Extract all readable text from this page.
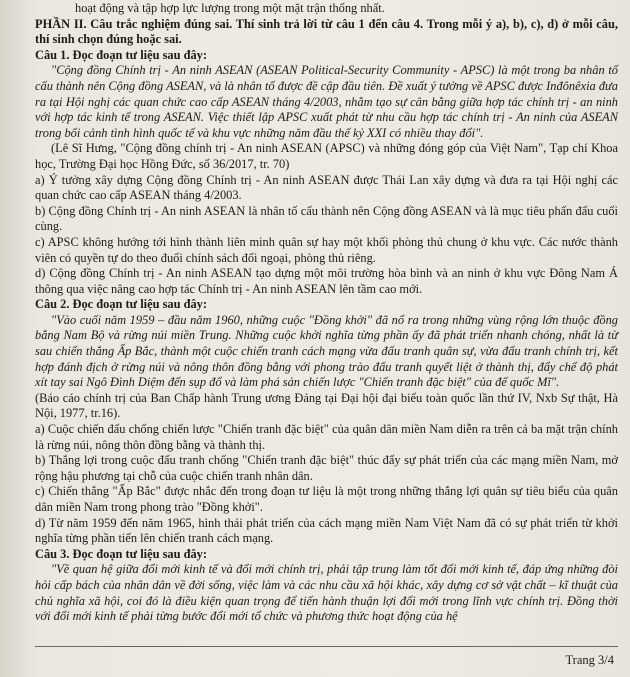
hoạt động và tập hợp lực lượng trong một mặt trận thống nhất.

PHẦN II. Câu trắc nghiệm đúng sai. Thí sinh trả lời từ câu 1 đến câu 4. Trong mỗi ý a), b), c), d) ở mỗi câu, thí sinh chọn đúng hoặc sai.

Câu 1. Đọc đoạn tư liệu sau đây:

"Cộng đồng Chính trị - An ninh ASEAN (ASEAN Political-Security Community - APSC) là một trong ba nhân tố cấu thành nên Cộng đồng ASEAN, và là nhân tố được đề cập đầu tiên. Đề xuất ý tưởng về APSC được Inđônêxia đưa ra tại Hội nghị các quan chức cao cấp ASEAN tháng 4/2003, nhằm tạo sự cân bằng giữa hợp tác chính trị - an ninh với hợp tác kinh tế trong ASEAN. Việc thiết lập APSC xuất phát từ nhu cầu hợp tác chính trị - An ninh của ASEAN trong bối cảnh tình hình quốc tế và khu vực những năm đầu thế kỷ XXI có nhiều thay đổi".

(Lê Sĩ Hưng, "Cộng đồng chính trị - An ninh ASEAN (APSC) và những đóng góp của Việt Nam", Tạp chí Khoa học, Trường Đại học Hồng Đức, số 36/2017, tr. 70)

a) Ý tưởng xây dựng Cộng đồng Chính trị - An ninh ASEAN được Thái Lan xây dựng và đưa ra tại Hội nghị các quan chức cao cấp ASEAN tháng 4/2003.

b) Cộng đồng Chính trị - An ninh ASEAN là nhân tố cấu thành nên Cộng đồng ASEAN và là mục tiêu phấn đấu cuối cùng.

c) APSC không hướng tới hình thành liên minh quân sự hay một khối phòng thủ chung ở khu vực. Các nước thành viên có quyền tự do theo đuổi chính sách đối ngoại, phòng thủ riêng.

d) Cộng đồng Chính trị - An ninh ASEAN tạo dựng một môi trường hòa bình và an ninh ở khu vực Đông Nam Á thông qua việc nâng cao hợp tác Chính trị - An ninh ASEAN lên tầm cao mới.

Câu 2. Đọc đoạn tư liệu sau đây:

"Vào cuối năm 1959 – đầu năm 1960, những cuộc "Đồng khởi" đã nổ ra trong những vùng rộng lớn thuộc đồng bằng Nam Bộ và rừng núi miền Trung. Những cuộc khởi nghĩa từng phần ấy đã phát triển nhanh chóng, nhất là từ sau chiến thắng Ấp Bắc, thành một cuộc chiến tranh cách mạng vừa đấu tranh quân sự, vừa đấu tranh chính trị, kết hợp đánh địch ở rừng núi và nông thôn đồng bằng với phong trào đấu tranh quyết liệt ở thành thị, đẩy chế độ phát xít tay sai Ngô Đình Diệm đến sụp đổ và làm phá sản chiến lược "Chiến tranh đặc biệt" của đế quốc Mĩ".

(Báo cáo chính trị của Ban Chấp hành Trung ương Đảng tại Đại hội đại biểu toàn quốc lần thứ IV, Nxb Sự thật, Hà Nội, 1977, tr.16).

a) Cuộc chiến đấu chống chiến lược "Chiến tranh đặc biệt" của quân dân miền Nam diễn ra trên cả ba mặt trận chính là rừng núi, nông thôn đồng bằng và thành thị.

b) Thắng lợi trong cuộc đấu tranh chống "Chiến tranh đặc biệt" thúc đẩy sự phát triển của các mạng miền Nam, mở rộng hậu phương tại chỗ của cuộc chiến tranh nhân dân.

c) Chiến thắng "Ấp Bắc" được nhắc đến trong đoạn tư liệu là một trong những thắng lợi quân sự tiêu biểu của quân dân miền Nam trong phong trào "Đồng khởi".

d) Từ năm 1959 đến năm 1965, hình thái phát triển của cách mạng miền Nam Việt Nam đã có sự phát triển từ khởi nghĩa từng phần tiến lên chiến tranh cách mạng.

Câu 3. Đọc đoạn tư liệu sau đây:

"Về quan hệ giữa đổi mới kinh tế và đổi mới chính trị, phải tập trung làm tốt đổi mới kinh tế, đáp ứng những đòi hỏi cấp bách của nhân dân về đời sống, việc làm và các nhu cầu xã hội khác, xây dựng cơ sở vật chất – kĩ thuật của chủ nghĩa xã hội, coi đó là điều kiện quan trọng để tiến hành thuận lợi đổi mới trong lĩnh vực chính trị. Đồng thời với đổi mới kinh tế phải từng bước đổi mới tổ chức và phương thức hoạt động của hệ

Trang 3/4
